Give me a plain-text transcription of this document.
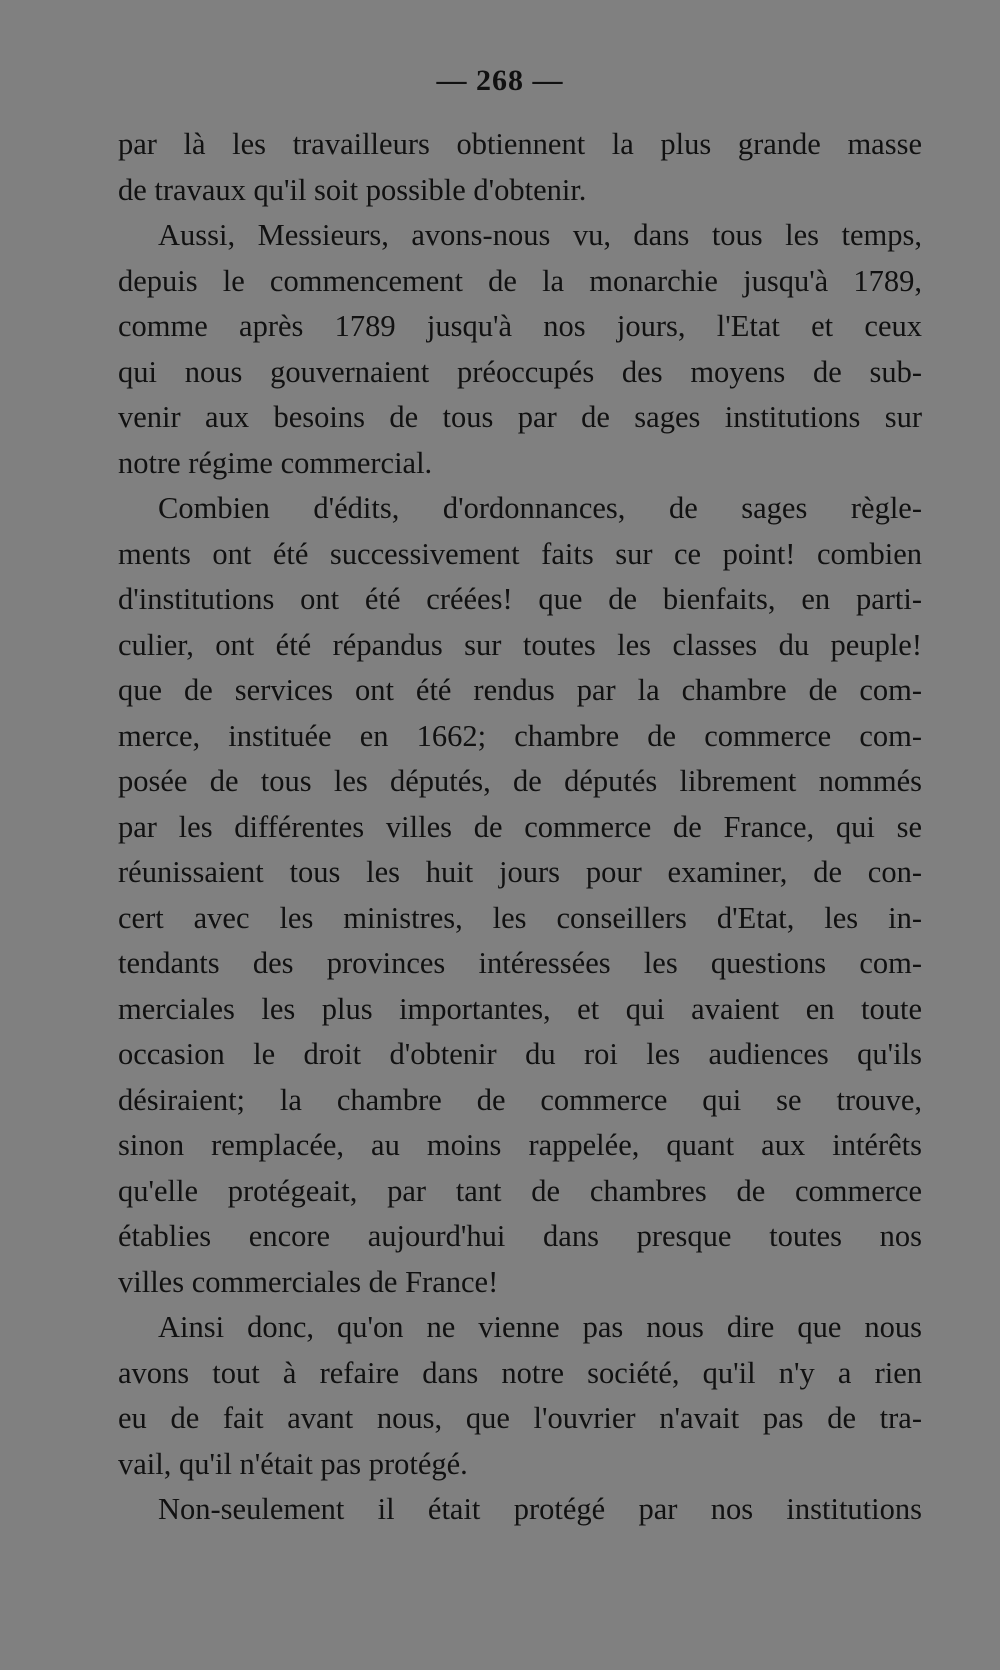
— 268 —
par là les travailleurs obtiennent la plus grande masse
de travaux qu'il soit possible d'obtenir.
Aussi, Messieurs, avons-nous vu, dans tous les temps,
depuis le commencement de la monarchie jusqu'à 1789,
comme après 1789 jusqu'à nos jours, l'Etat et ceux
qui nous gouvernaient préoccupés des moyens de sub-
venir aux besoins de tous par de sages institutions sur
notre régime commercial.
Combien d'édits, d'ordonnances, de sages règle-
ments ont été successivement faits sur ce point! combien
d'institutions ont été créées! que de bienfaits, en parti-
culier, ont été répandus sur toutes les classes du peuple!
que de services ont été rendus par la chambre de com-
merce, instituée en 1662; chambre de commerce com-
posée de tous les députés, de députés librement nommés
par les différentes villes de commerce de France, qui se
réunissaient tous les huit jours pour examiner, de con-
cert avec les ministres, les conseillers d'Etat, les in-
tendants des provinces intéressées les questions com-
merciales les plus importantes, et qui avaient en toute
occasion le droit d'obtenir du roi les audiences qu'ils
désiraient; la chambre de commerce qui se trouve,
sinon remplacée, au moins rappelée, quant aux intérêts
qu'elle protégeait, par tant de chambres de commerce
établies encore aujourd'hui dans presque toutes nos
villes commerciales de France!
Ainsi donc, qu'on ne vienne pas nous dire que nous
avons tout à refaire dans notre société, qu'il n'y a rien
eu de fait avant nous, que l'ouvrier n'avait pas de tra-
vail, qu'il n'était pas protégé.
Non-seulement il était protégé par nos institutions
